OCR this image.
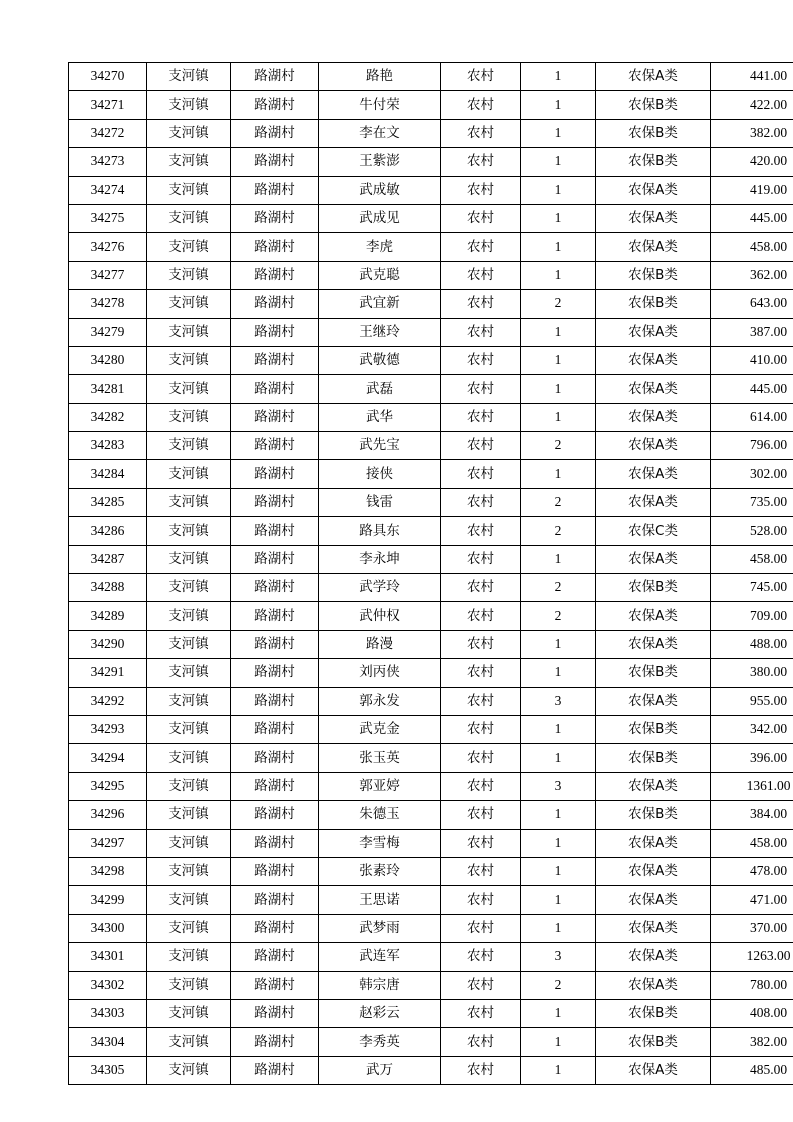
34270	支河镇	路湖村	路艳	农村	1	农保A类	441.00
34271	支河镇	路湖村	牛付荣	农村	1	农保B类	422.00
34272	支河镇	路湖村	李在文	农村	1	农保B类	382.00
34273	支河镇	路湖村	王紫澎	农村	1	农保B类	420.00
34274	支河镇	路湖村	武成敏	农村	1	农保A类	419.00
34275	支河镇	路湖村	武成见	农村	1	农保A类	445.00
34276	支河镇	路湖村	李虎	农村	1	农保A类	458.00
34277	支河镇	路湖村	武克聪	农村	1	农保B类	362.00
34278	支河镇	路湖村	武宜新	农村	2	农保B类	643.00
34279	支河镇	路湖村	王继玲	农村	1	农保A类	387.00
34280	支河镇	路湖村	武敬德	农村	1	农保A类	410.00
34281	支河镇	路湖村	武磊	农村	1	农保A类	445.00
34282	支河镇	路湖村	武华	农村	1	农保A类	614.00
34283	支河镇	路湖村	武先宝	农村	2	农保A类	796.00
34284	支河镇	路湖村	接侠	农村	1	农保A类	302.00
34285	支河镇	路湖村	钱雷	农村	2	农保A类	735.00
34286	支河镇	路湖村	路具东	农村	2	农保C类	528.00
34287	支河镇	路湖村	李永坤	农村	1	农保A类	458.00
34288	支河镇	路湖村	武学玲	农村	2	农保B类	745.00
34289	支河镇	路湖村	武仲权	农村	2	农保A类	709.00
34290	支河镇	路湖村	路漫	农村	1	农保A类	488.00
34291	支河镇	路湖村	刘丙侠	农村	1	农保B类	380.00
34292	支河镇	路湖村	郭永发	农村	3	农保A类	955.00
34293	支河镇	路湖村	武克金	农村	1	农保B类	342.00
34294	支河镇	路湖村	张玉英	农村	1	农保B类	396.00
34295	支河镇	路湖村	郭亚婷	农村	3	农保A类	1361.00
34296	支河镇	路湖村	朱德玉	农村	1	农保B类	384.00
34297	支河镇	路湖村	李雪梅	农村	1	农保A类	458.00
34298	支河镇	路湖村	张素玲	农村	1	农保A类	478.00
34299	支河镇	路湖村	王思诺	农村	1	农保A类	471.00
34300	支河镇	路湖村	武梦雨	农村	1	农保A类	370.00
34301	支河镇	路湖村	武连军	农村	3	农保A类	1263.00
34302	支河镇	路湖村	韩宗唐	农村	2	农保A类	780.00
34303	支河镇	路湖村	赵彩云	农村	1	农保B类	408.00
34304	支河镇	路湖村	李秀英	农村	1	农保B类	382.00
34305	支河镇	路湖村	武万	农村	1	农保A类	485.00
